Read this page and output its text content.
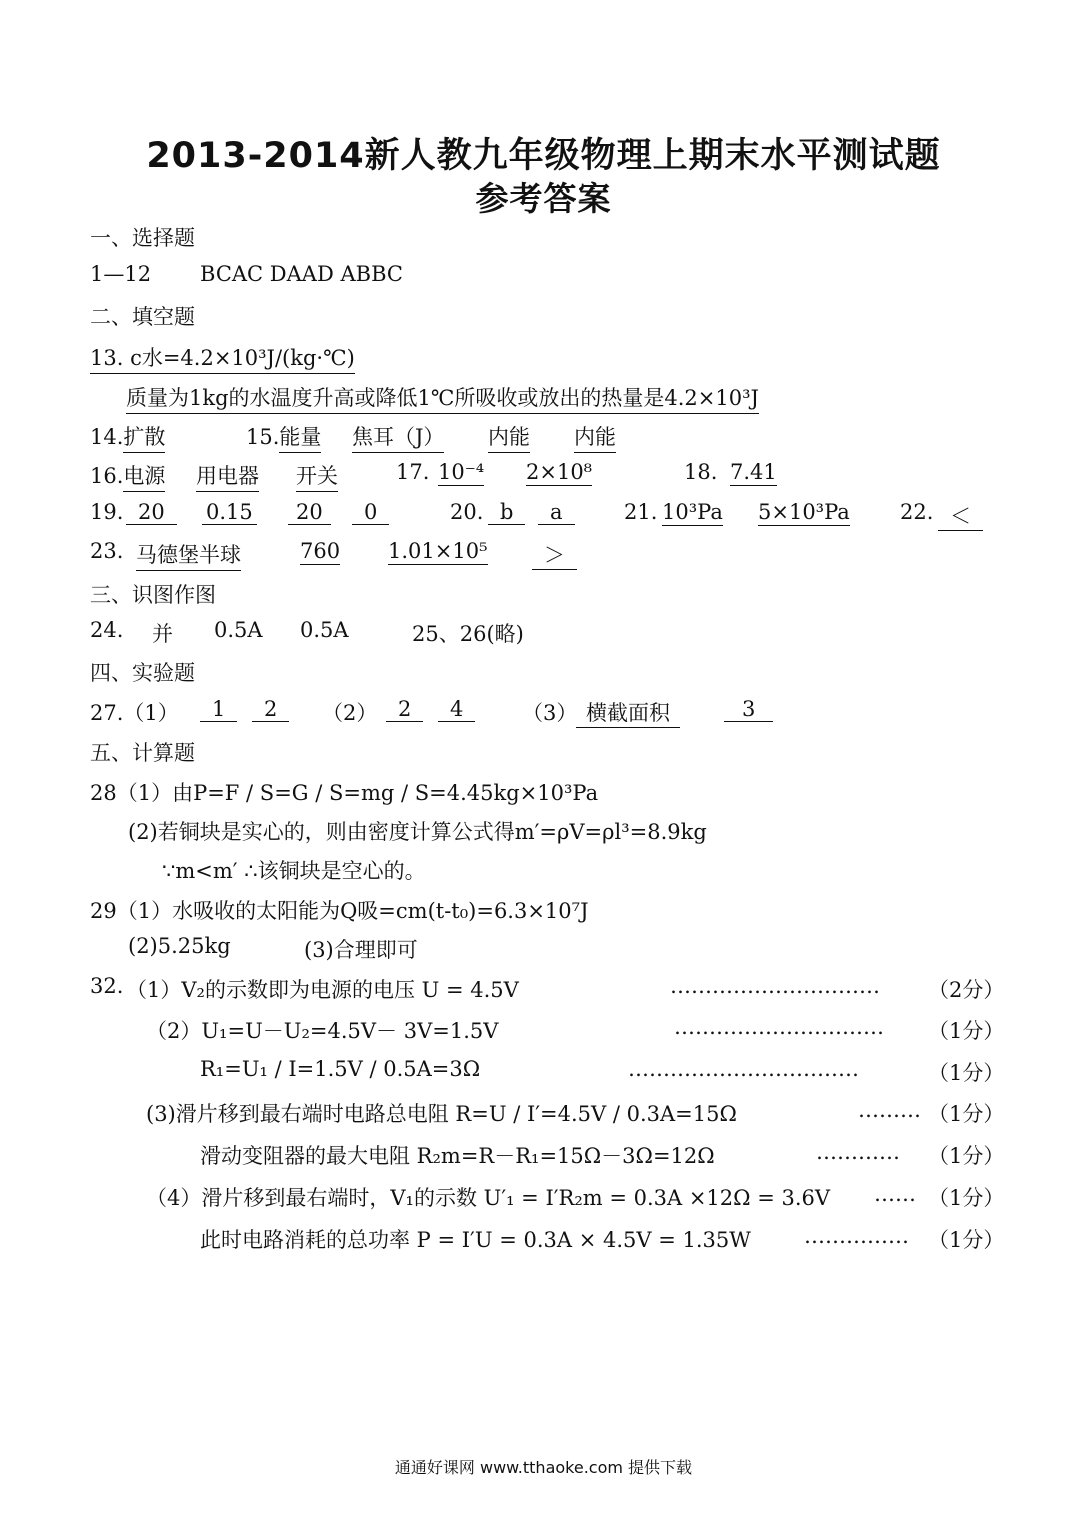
2013-2014新人教九年级物理上期末水平测试题
参考答案
一、选择题
1—12 BCAC DAAD ABBC
二、填空题
13. c水=4.2×10³J/(kg·℃)
质量为1kg的水温度升高或降低1℃所吸收或放出的热量是4.2×10³J
14.扩散	15.能量 焦耳（J） 内能 内能
16.电源 用电器 开关	17. 10⁻⁴ 2×10⁸	18. 7.41
19. 20	0.15	20	0	20. b	a	21. 10³Pa 5×10³Pa 22. ＜
23. 马德堡半球	760 1.01×10⁵	＞
三、识图作图
24. 并 0.5A 0.5A	25、26(略)
四、实验题
27.（1）	1	2	（2） 2	4	（3） 横截面积	3
五、计算题
28（1）由P=F / S=G / S=mg / S=4.45kg×10³Pa
(2)若铜块是实心的，则由密度计算公式得m′=ρV=ρl³=8.9kg
∵m<m′ ∴该铜块是空心的。
29（1）水吸收的太阳能为Q吸=cm(t-t₀)=6.3×10⁷J
(2)5.25kg	(3)合理即可
32. （1）V₂的示数即为电源的电压 U = 4.5V	………………………… （2分）
（2）U₁=U－U₂=4.5V－ 3V=1.5V	………………………… （1分）
R₁=U₁ / I=1.5V / 0.5A=3Ω	……………………………	（1分）
(3)滑片移到最右端时电路总电阻 R=U / I′=4.5V / 0.3A=15Ω	……… （1分）
滑动变阻器的最大电阻 R₂m=R－R₁=15Ω－3Ω=12Ω	………… （1分）
（4）滑片移到最右端时，V₁的示数 U′₁ = I′R₂m = 0.3A ×12Ω = 3.6V …… （1分）
此时电路消耗的总功率 P = I′U = 0.3A × 4.5V = 1.35W	…………… （1分）
通通好课网 www.tthaoke.com 提供下载
